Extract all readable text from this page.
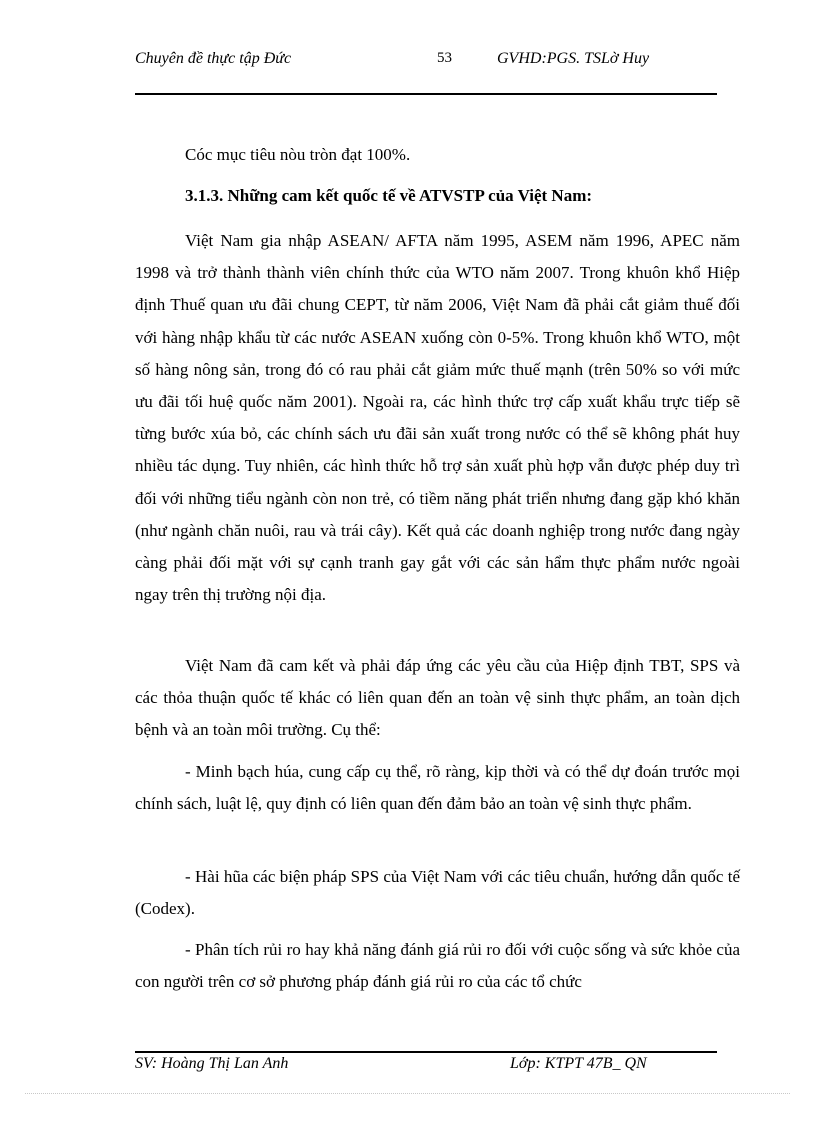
Chuyên đề thực tập Đức	53	GVHD:PGS. TSLờ Huy

Cóc mục tiêu nòu tròn đạt 100%.

3.1.3. Những cam kết quốc tế về ATVSTP của Việt Nam:

Việt Nam gia nhập ASEAN/ AFTA năm 1995, ASEM năm 1996, APEC năm 1998 và trở thành thành viên chính thức của WTO năm 2007. Trong khuôn khổ Hiệp định Thuế quan ưu đãi chung CEPT, từ năm 2006, Việt Nam đã phải cắt giảm thuế đối với hàng nhập khẩu từ các nước ASEAN xuống còn 0-5%. Trong khuôn khổ WTO, một số hàng nông sản, trong đó có rau phải cắt giảm mức thuế mạnh (trên 50% so với mức ưu đãi tối huệ quốc năm 2001). Ngoài ra, các hình thức trợ cấp xuất khẩu trực tiếp sẽ từng bước xúa bỏ, các chính sách ưu đãi sản xuất trong nước có thể sẽ không phát huy nhiều tác dụng. Tuy nhiên, các hình thức hỗ trợ sản xuất phù hợp vẫn được phép duy trì đối với những tiểu ngành còn non trẻ, có tiềm năng phát triển nhưng đang gặp khó khăn (như ngành chăn nuôi, rau và trái cây). Kết quả các doanh nghiệp trong nước đang ngày càng phải đối mặt với sự cạnh tranh gay gắt với các sản hẩm thực phẩm nước ngoài ngay trên thị trường nội địa.

Việt Nam đã cam kết và phải đáp ứng các yêu cầu của Hiệp định TBT, SPS và các thỏa thuận quốc tế khác có liên quan đến an toàn vệ sinh thực phẩm, an toàn dịch bệnh và an toàn môi trường. Cụ thể:

- Minh bạch húa, cung cấp cụ thể, rõ ràng, kịp thời và có thể dự đoán trước mọi chính sách, luật lệ, quy định có liên quan đến đảm bảo an toàn vệ sinh thực phẩm.

- Hài hũa các biện pháp SPS của Việt Nam với các tiêu chuẩn, hướng dẫn quốc tế (Codex).

- Phân tích rủi ro hay khả năng đánh giá rủi ro đối với cuộc sống và sức khỏe của con người trên cơ sở phương pháp đánh giá rủi ro của các tổ chức

SV: Hoàng Thị Lan Anh	Lớp: KTPT 47B_ QN
